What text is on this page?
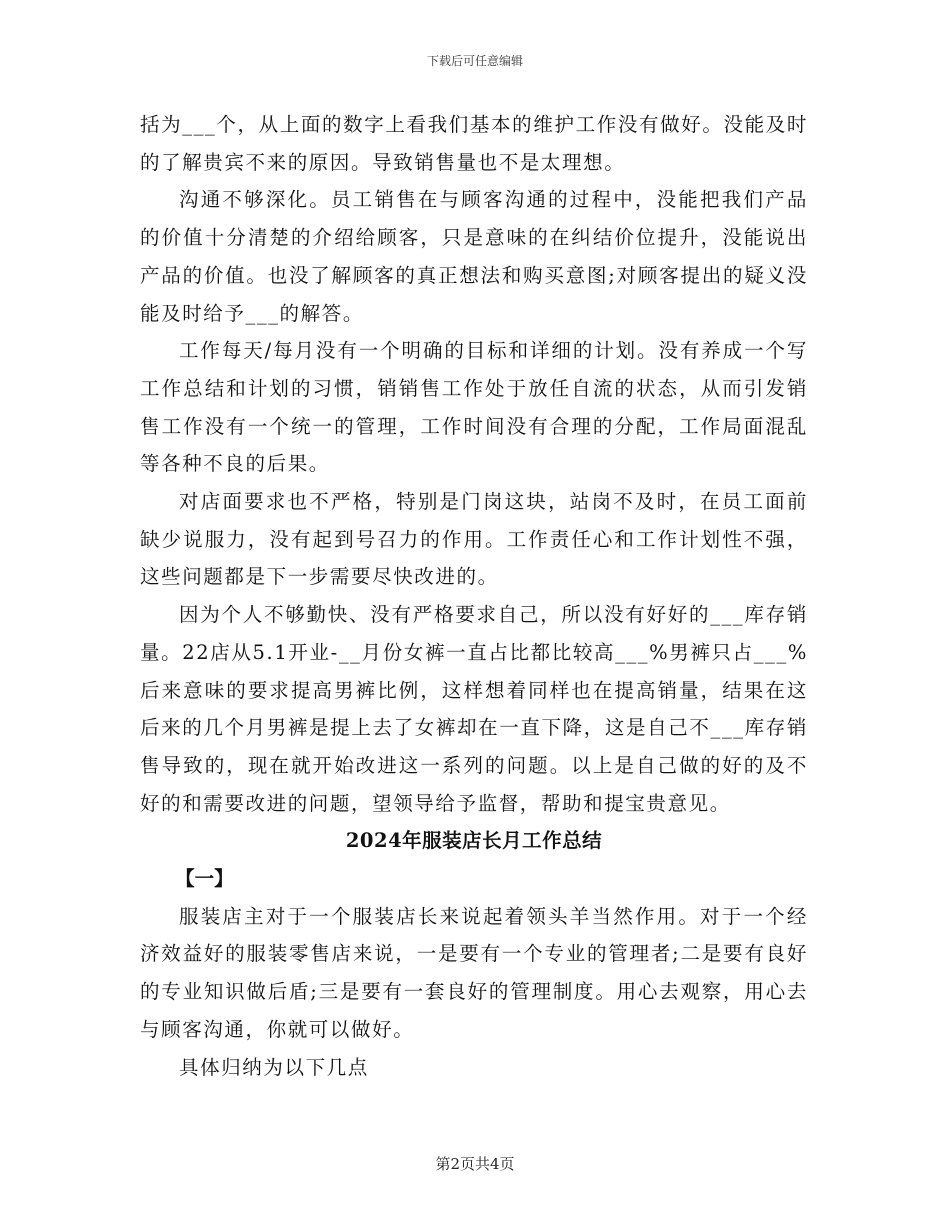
下载后可任意编辑

括为___个，从上面的数字上看我们基本的维护工作没有做好。没能及时的了解贵宾不来的原因。导致销售量也不是太理想。

沟通不够深化。员工销售在与顾客沟通的过程中，没能把我们产品的价值十分清楚的介绍给顾客，只是意味的在纠结价位提升，没能说出产品的价值。也没了解顾客的真正想法和购买意图;对顾客提出的疑义没能及时给予___的解答。

工作每天/每月没有一个明确的目标和详细的计划。没有养成一个写工作总结和计划的习惯，销销售工作处于放任自流的状态，从而引发销售工作没有一个统一的管理，工作时间没有合理的分配，工作局面混乱等各种不良的后果。

对店面要求也不严格，特别是门岗这块，站岗不及时，在员工面前缺少说服力，没有起到号召力的作用。工作责任心和工作计划性不强，这些问题都是下一步需要尽快改进的。

因为个人不够勤快、没有严格要求自己，所以没有好好的___库存销量。22店从5.1开业-__月份女裤一直占比都比较高___%男裤只占___%后来意味的要求提高男裤比例，这样想着同样也在提高销量，结果在这后来的几个月男裤是提上去了女裤却在一直下降，这是自己不___库存销售导致的，现在就开始改进这一系列的问题。以上是自己做的好的及不好的和需要改进的问题，望领导给予监督，帮助和提宝贵意见。

2024年服装店长月工作总结

【一】

服装店主对于一个服装店长来说起着领头羊当然作用。对于一个经济效益好的服装零售店来说，一是要有一个专业的管理者;二是要有良好的专业知识做后盾;三是要有一套良好的管理制度。用心去观察，用心去与顾客沟通，你就可以做好。

具体归纳为以下几点

第2页共4页
